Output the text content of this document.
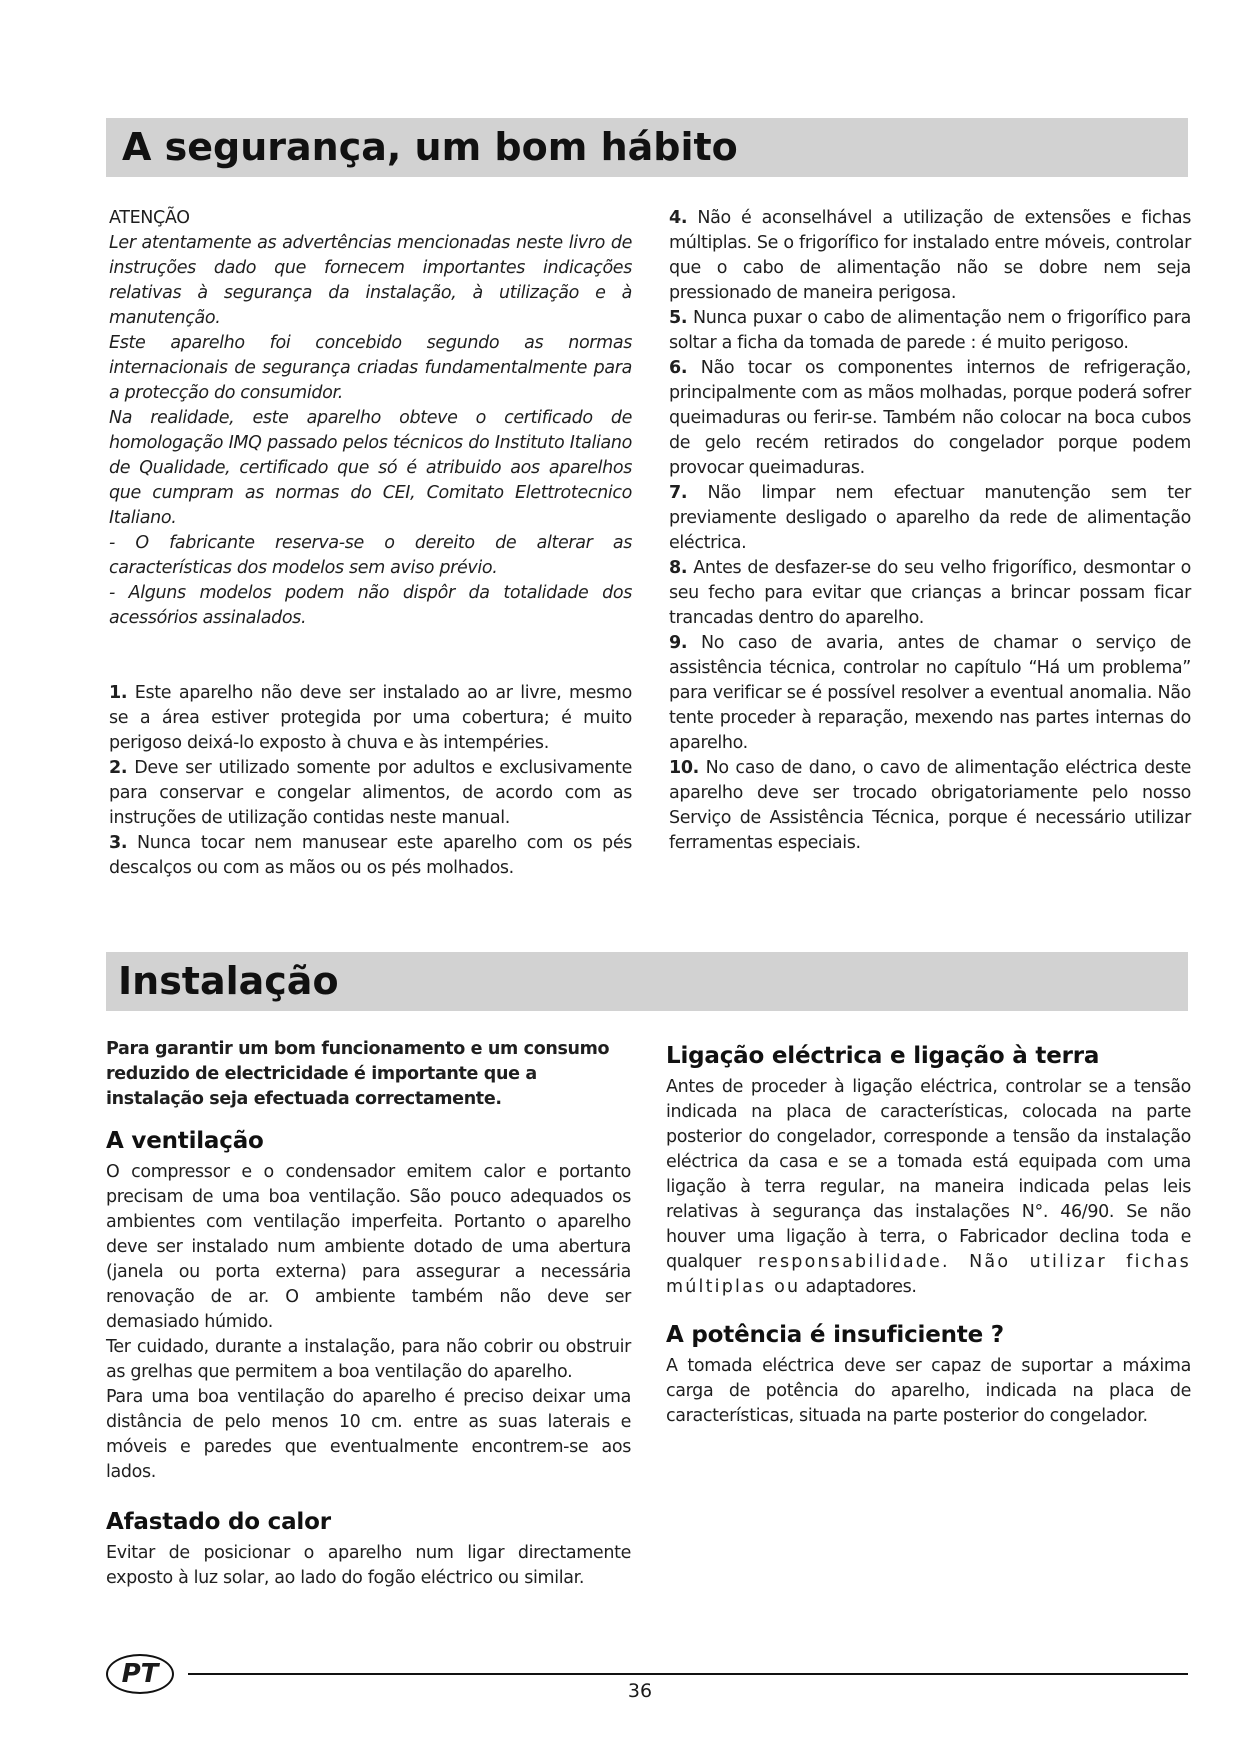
A segurança, um bom hábito

ATENÇÃO

Ler atentamente as advertências mencionadas neste livro de instruções dado que fornecem importantes indicações relativas à segurança da instalação, à utilização e à manutenção.

Este aparelho foi concebido segundo as normas internacionais de segurança criadas fundamentalmente para a protecção do consumidor.

Na realidade, este aparelho obteve o certificado de homologação IMQ passado pelos técnicos do Instituto Italiano de Qualidade, certificado que só é atribuido aos aparelhos que cumpram as normas do CEI, Comitato Elettrotecnico Italiano.

- O fabricante reserva-se o dereito de alterar as características dos modelos sem aviso prévio.

- Alguns modelos podem não dispôr da totalidade dos acessórios assinalados.

1. Este aparelho não deve ser instalado ao ar livre, mesmo se a área estiver protegida por uma cobertura; é muito perigoso deixá-lo exposto à chuva e às intempéries.

2. Deve ser utilizado somente por adultos e exclusivamente para conservar e congelar alimentos, de acordo com as instruções de utilização contidas neste manual.

3. Nunca tocar nem manusear este aparelho com os pés descalços ou com as mãos ou os pés molhados.

4. Não é aconselhável a utilização de extensões e fichas múltiplas. Se o frigorífico for instalado entre móveis, controlar que o cabo de alimentação não se dobre nem seja pressionado de maneira perigosa.

5. Nunca puxar o cabo de alimentação nem o frigorífico para soltar a ficha da tomada de parede : é muito perigoso.

6. Não tocar os componentes internos de refrigeração, principalmente com as mãos molhadas, porque poderá sofrer queimaduras ou ferir-se. Também não colocar na boca cubos de gelo recém retirados do congelador porque podem provocar queimaduras.

7. Não limpar nem efectuar manutenção sem ter previamente desligado o aparelho da rede de alimentação eléctrica.

8. Antes de desfazer-se do seu velho frigorífico, desmontar o seu fecho para evitar que crianças a brincar possam ficar trancadas dentro do aparelho.

9. No caso de avaria, antes de chamar o serviço de assistência técnica, controlar no capítulo “Há um problema” para verificar se é possível resolver a eventual anomalia. Não tente proceder à reparação, mexendo nas partes internas do aparelho.

10. No caso de dano, o cavo de alimentação eléctrica deste aparelho deve ser trocado obrigatoriamente pelo nosso Serviço de Assistência Técnica, porque é necessário utilizar ferramentas especiais.

Instalação

Para garantir um bom funcionamento e um consumo reduzido de electricidade é importante que a instalação seja efectuada correctamente.

A ventilação

O compressor e o condensador emitem calor e portanto precisam de uma boa ventilação. São pouco adequados os ambientes com ventilação imperfeita. Portanto o aparelho deve ser instalado num ambiente dotado de uma abertura (janela ou porta externa) para assegurar a necessária renovação de ar. O ambiente também não deve ser demasiado húmido.

Ter cuidado, durante a instalação, para não cobrir ou obstruir as grelhas que permitem a boa ventilação do aparelho.

Para uma boa ventilação do aparelho é preciso deixar uma distância de pelo menos 10 cm. entre as suas laterais e móveis e paredes que eventualmente encontrem-se aos lados.

Afastado do calor

Evitar de posicionar o aparelho num ligar directamente exposto à luz solar, ao lado do fogão eléctrico ou similar.

Ligação eléctrica e ligação à terra

Antes de proceder à ligação eléctrica, controlar se a tensão indicada na placa de características, colocada na parte posterior do congelador, corresponde a tensão da instalação eléctrica da casa e se a tomada está equipada com uma ligação à terra regular, na maneira indicada pelas leis relativas à segurança das instalações N°. 46/90. Se não houver uma ligação à terra, o Fabricador declina toda e qualquer responsabilidade. Não utilizar fichas múltiplas ou adaptadores.

A potência é insuficiente ?

A tomada eléctrica deve ser capaz de suportar a máxima carga de potência do aparelho, indicada na placa de características, situada na parte posterior do congelador.

PT
36
